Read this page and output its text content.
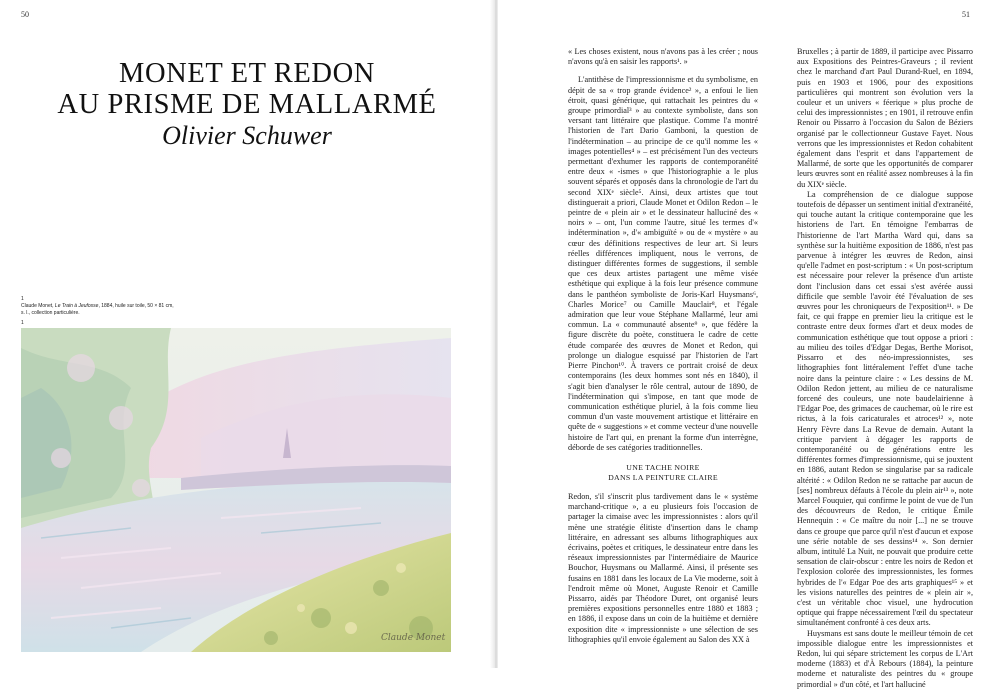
50
MONET ET REDON
AU PRISME DE MALLARMÉ
Olivier Schuwer
1
Claude Monet, Le Train à Jeufosse, 1884, huile sur toile, 50 × 81 cm,
s. l., collection particulière.
1
Claude Monet
51

« Les choses existent, nous n'avons pas à les créer ; nous n'avons qu'à en saisir les rapports¹. »

L'antithèse de l'impressionnisme et du symbolisme, en dépit de sa « trop grande évidence² », a enfoui le lien étroit, quasi générique, qui rattachait les peintres du « groupe primordial³ » au contexte symboliste, dans son versant tant littéraire que plastique. Comme l'a montré l'historien de l'art Dario Gamboni, la question de l'indétermination – au principe de ce qu'il nomme les « images potentielles⁴ » – est précisément l'un des vecteurs permettant d'exhumer les rapports de contemporanéité entre deux « -ismes » que l'historiographie a le plus souvent séparés et opposés dans la chronologie de l'art du second XIXᵉ siècle⁵. Ainsi, deux artistes que tout distinguerait a priori, Claude Monet et Odilon Redon – le peintre de « plein air » et le dessinateur halluciné des « noirs » – ont, l'un comme l'autre, situé les termes d'« indétermination », d'« ambiguïté » ou de « mystère » au cœur des définitions respectives de leur art. Si leurs réelles différences impliquent, nous le verrons, de distinguer différentes formes de suggestions, il semble que ces deux artistes partagent une même visée esthétique qui explique à la fois leur présence commune dans le panthéon symboliste de Joris-Karl Huysmans⁶, Charles Morice⁷ ou Camille Mauclair⁸, et l'égale admiration que leur voue Stéphane Mallarmé, leur ami commun. La « communauté absente⁹ », que fédère la figure discrète du poète, constituera le cadre de cette étude comparée des œuvres de Monet et Redon, qui prolonge un dialogue esquissé par l'historien de l'art Pierre Pinchon¹⁰. À travers ce portrait croisé de deux contemporains (les deux hommes sont nés en 1840), il s'agit bien d'analyser le rôle central, autour de 1890, de l'indétermination qui s'impose, en tant que mode de communication esthétique pluriel, à la fois comme lieu commun d'un vaste mouvement artistique et littéraire en quête de « suggestions » et comme vecteur d'une nouvelle histoire de l'art qui, en prenant la forme d'un interrègne, déborde de ses catégories traditionnelles.

UNE TACHE NOIRE
DANS LA PEINTURE CLAIRE

Redon, s'il s'inscrit plus tardivement dans le « système marchand-critique », a eu plusieurs fois l'occasion de partager la cimaise avec les impressionnistes : alors qu'il mène une stratégie élitiste d'insertion dans le champ littéraire, en adressant ses albums lithographiques aux écrivains, poètes et critiques, le dessinateur entre dans les réseaux impressionnistes par l'intermédiaire de Maurice Bouchor, Huysmans ou Mallarmé. Ainsi, il présente ses fusains en 1881 dans les locaux de La Vie moderne, soit à l'endroit même où Monet, Auguste Renoir et Camille Pissarro, aidés par Théodore Duret, ont organisé leurs premières expositions personnelles entre 1880 et 1883 ; en 1886, il expose dans un coin de la huitième et dernière exposition dite « impressionniste » une sélection de ses lithographies qu'il envoie également au Salon des XX à

Bruxelles ; à partir de 1889, il participe avec Pissarro aux Expositions des Peintres-Graveurs ; il revient chez le marchand d'art Paul Durand-Ruel, en 1894, puis en 1903 et 1906, pour des expositions particulières qui montrent son évolution vers la couleur et un univers « féerique » plus proche de celui des impressionnistes ; en 1901, il retrouve enfin Renoir ou Pissarro à l'occasion du Salon de Béziers organisé par le collectionneur Gustave Fayet. Nous verrons que les impressionnistes et Redon cohabitent également dans l'esprit et dans l'appartement de Mallarmé, de sorte que les opportunités de comparer leurs œuvres sont en réalité assez nombreuses à la fin du XIXᵉ siècle.

La compréhension de ce dialogue suppose toutefois de dépasser un sentiment initial d'extranéité, qui touche autant la critique contemporaine que les historiens de l'art. En témoigne l'embarras de l'historienne de l'art Martha Ward qui, dans sa synthèse sur la huitième exposition de 1886, n'est pas parvenue à intégrer les œuvres de Redon, ainsi qu'elle l'admet en post-scriptum : « Un post-scriptum est nécessaire pour relever la présence d'un artiste dont l'inclusion dans cet essai s'est avérée aussi difficile que semble l'avoir été l'évaluation de ses œuvres pour les chroniqueurs de l'exposition¹¹. » De fait, ce qui frappe en premier lieu la critique est le contraste entre deux formes d'art et deux modes de communication esthétique que tout oppose a priori : au milieu des toiles d'Edgar Degas, Berthe Morisot, Pissarro et des néo-impressionnistes, ses lithographies font littéralement l'effet d'une tache noire dans la peinture claire : « Les dessins de M. Odilon Redon jettent, au milieu de ce naturalisme forcené des couleurs, une note baudelairienne à l'Edgar Poe, des grimaces de cauchemar, où le rire est rictus, à la fois caricaturales et atroces¹² », note Henry Fèvre dans La Revue de demain. Autant la critique parvient à dégager les rapports de contemporanéité ou de générations entre les différentes formes d'impressionnisme, qui se jouxtent en 1886, autant Redon se singularise par sa radicale altérité : « Odilon Redon ne se rattache par aucun de [ses] nombreux défauts à l'école du plein air¹³ », note Marcel Fouquier, qui confirme le point de vue de l'un des découvreurs de Redon, le critique Émile Hennequin : « Ce maître du noir [...] ne se trouve dans ce groupe que parce qu'il n'est d'aucun et expose une série notable de ses dessins¹⁴ ». Son dernier album, intitulé La Nuit, ne pouvait que produire cette sensation de clair-obscur : entre les noirs de Redon et l'explosion colorée des impressionnistes, les formes hybrides de l'« Edgar Poe des arts graphiques¹⁵ » et les visions naturelles des peintres de « plein air », c'est un véritable choc visuel, une hydrocution optique qui frappe nécessairement l'œil du spectateur simultanément confronté à ces deux arts.

Huysmans est sans doute le meilleur témoin de cet impossible dialogue entre les impressionnistes et Redon, lui qui sépare strictement les corpus de L'Art moderne (1883) et d'À Rebours (1884), la peinture moderne et naturaliste des peintres du « groupe primordial » d'un côté, et l'art halluciné
